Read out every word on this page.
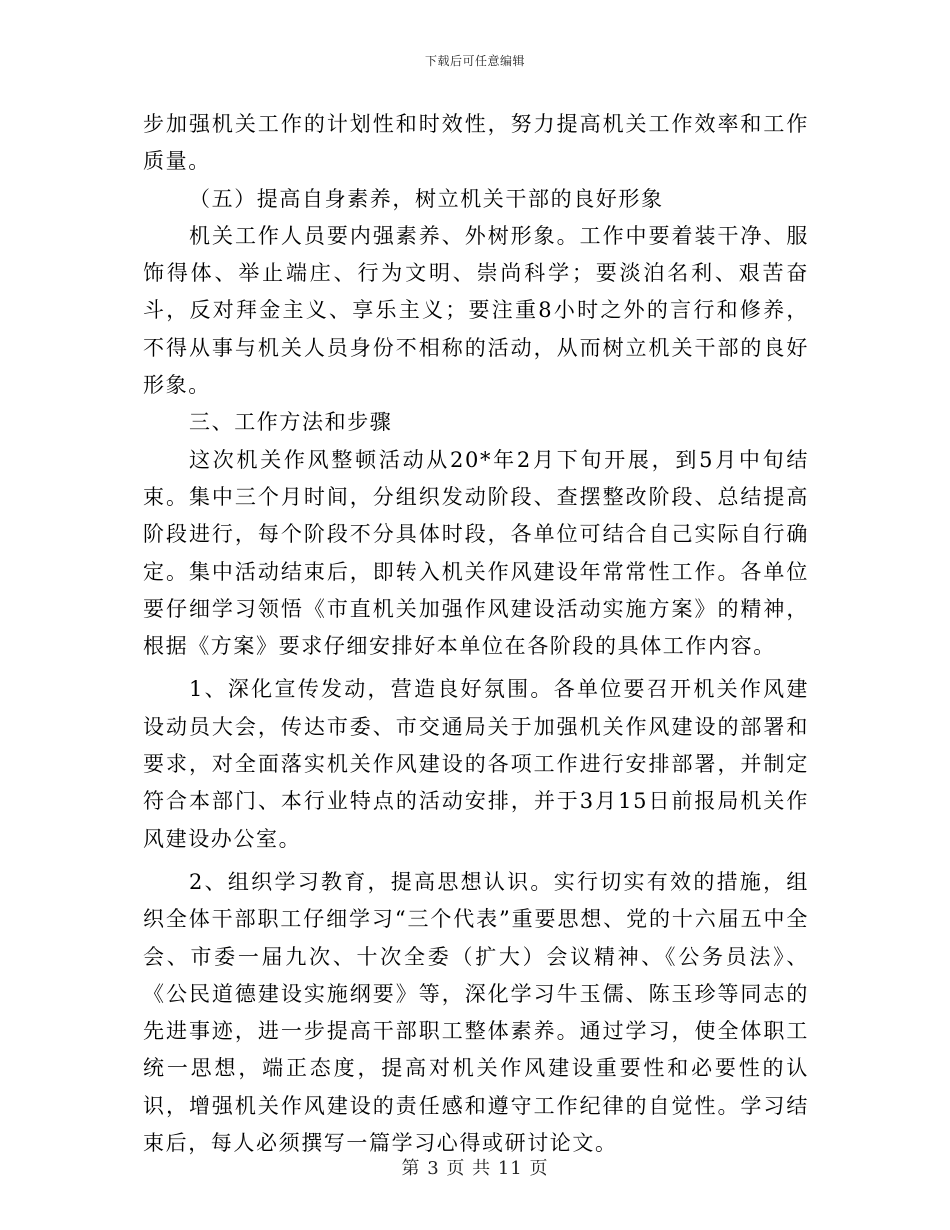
下载后可任意编辑

步加强机关工作的计划性和时效性，努力提高机关工作效率和工作质量。

（五）提高自身素养，树立机关干部的良好形象

机关工作人员要内强素养、外树形象。工作中要着装干净、服饰得体、举止端庄、行为文明、崇尚科学；要淡泊名利、艰苦奋斗，反对拜金主义、享乐主义；要注重8小时之外的言行和修养，不得从事与机关人员身份不相称的活动，从而树立机关干部的良好形象。

三、工作方法和步骤

这次机关作风整顿活动从20*年2月下旬开展，到5月中旬结束。集中三个月时间，分组织发动阶段、查摆整改阶段、总结提高阶段进行，每个阶段不分具体时段，各单位可结合自己实际自行确定。集中活动结束后，即转入机关作风建设年常常性工作。各单位要仔细学习领悟《市直机关加强作风建设活动实施方案》的精神，根据《方案》要求仔细安排好本单位在各阶段的具体工作内容。

1、深化宣传发动，营造良好氛围。各单位要召开机关作风建设动员大会，传达市委、市交通局关于加强机关作风建设的部署和要求，对全面落实机关作风建设的各项工作进行安排部署，并制定符合本部门、本行业特点的活动安排，并于3月15日前报局机关作风建设办公室。

2、组织学习教育，提高思想认识。实行切实有效的措施，组织全体干部职工仔细学习“三个代表”重要思想、党的十六届五中全会、市委一届九次、十次全委（扩大）会议精神、《公务员法》、《公民道德建设实施纲要》等，深化学习牛玉儒、陈玉珍等同志的先进事迹，进一步提高干部职工整体素养。通过学习，使全体职工统一思想，端正态度，提高对机关作风建设重要性和必要性的认识，增强机关作风建设的责任感和遵守工作纪律的自觉性。学习结束后，每人必须撰写一篇学习心得或研讨论文。

第 3 页 共 11 页
